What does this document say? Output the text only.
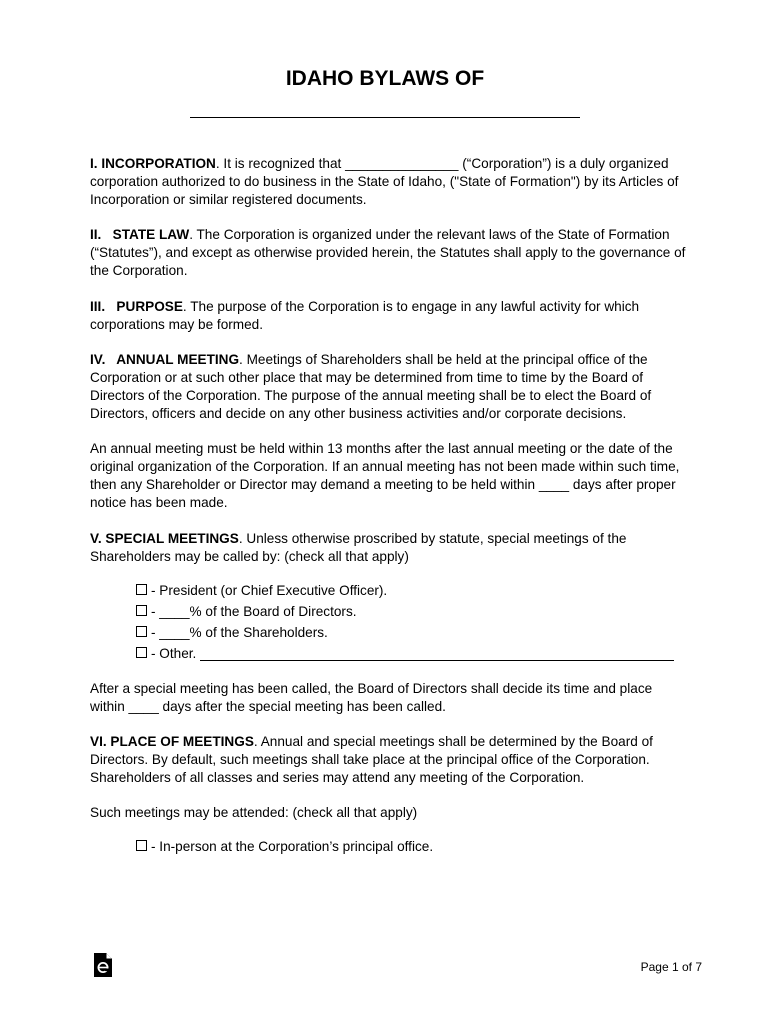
IDAHO BYLAWS OF

I. INCORPORATION. It is recognized that _______________ (“Corporation”) is a duly organized corporation authorized to do business in the State of Idaho, ("State of Formation") by its Articles of Incorporation or similar registered documents.

II.   STATE LAW. The Corporation is organized under the relevant laws of the State of Formation (“Statutes”), and except as otherwise provided herein, the Statutes shall apply to the governance of the Corporation.

III.   PURPOSE. The purpose of the Corporation is to engage in any lawful activity for which corporations may be formed.

IV.   ANNUAL MEETING. Meetings of Shareholders shall be held at the principal office of the Corporation or at such other place that may be determined from time to time by the Board of Directors of the Corporation. The purpose of the annual meeting shall be to elect the Board of Directors, officers and decide on any other business activities and/or corporate decisions.

An annual meeting must be held within 13 months after the last annual meeting or the date of the original organization of the Corporation. If an annual meeting has not been made within such time, then any Shareholder or Director may demand a meeting to be held within ____ days after proper notice has been made.

V. SPECIAL MEETINGS. Unless otherwise proscribed by statute, special meetings of the Shareholders may be called by: (check all that apply)

- President (or Chief Executive Officer).
- ____% of the Board of Directors.
- ____% of the Shareholders.
- Other.

After a special meeting has been called, the Board of Directors shall decide its time and place within ____ days after the special meeting has been called.

VI. PLACE OF MEETINGS. Annual and special meetings shall be determined by the Board of Directors. By default, such meetings shall take place at the principal office of the Corporation. Shareholders of all classes and series may attend any meeting of the Corporation.

Such meetings may be attended: (check all that apply)

- In-person at the Corporation’s principal office.
Page 1 of 7
